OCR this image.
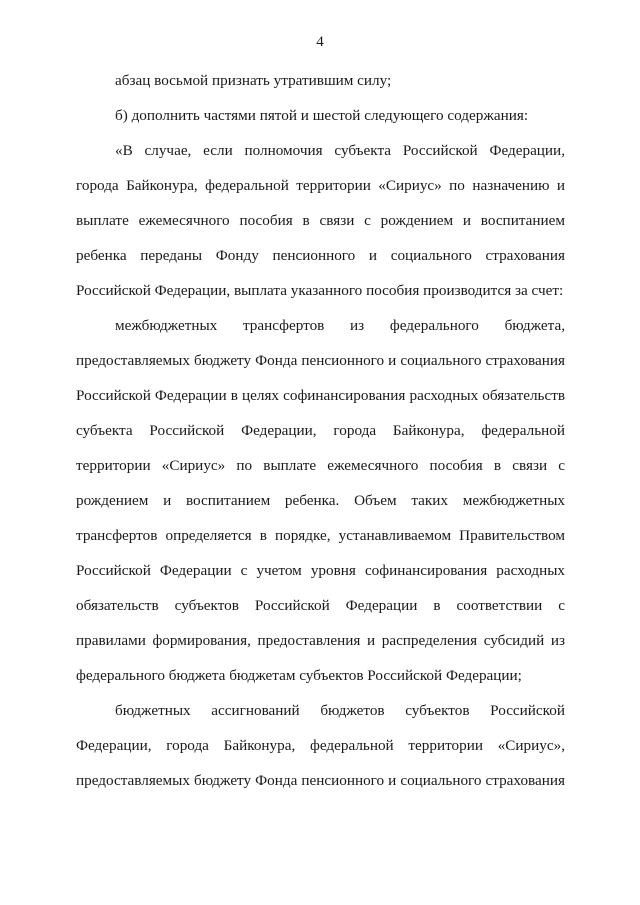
4
абзац восьмой признать утратившим силу;
б) дополнить частями пятой и шестой следующего содержания:
«В случае, если полномочия субъекта Российской Федерации,
города Байконура, федеральной территории «Сириус» по назначению и
выплате ежемесячного пособия в связи с рождением и воспитанием
ребенка переданы Фонду пенсионного и социального страхования
Российской Федерации, выплата указанного пособия производится за счет:
межбюджетных трансфертов из федерального бюджета,
предоставляемых бюджету Фонда пенсионного и социального страхования
Российской Федерации в целях софинансирования расходных обязательств
субъекта Российской Федерации, города Байконура, федеральной
территории «Сириус» по выплате ежемесячного пособия в связи с
рождением и воспитанием ребенка. Объем таких межбюджетных
трансфертов определяется в порядке, устанавливаемом Правительством
Российской Федерации с учетом уровня софинансирования расходных
обязательств субъектов Российской Федерации в соответствии с
правилами формирования, предоставления и распределения субсидий из
федерального бюджета бюджетам субъектов Российской Федерации;
бюджетных ассигнований бюджетов субъектов Российской
Федерации, города Байконура, федеральной территории «Сириус»,
предоставляемых бюджету Фонда пенсионного и социального страхования
